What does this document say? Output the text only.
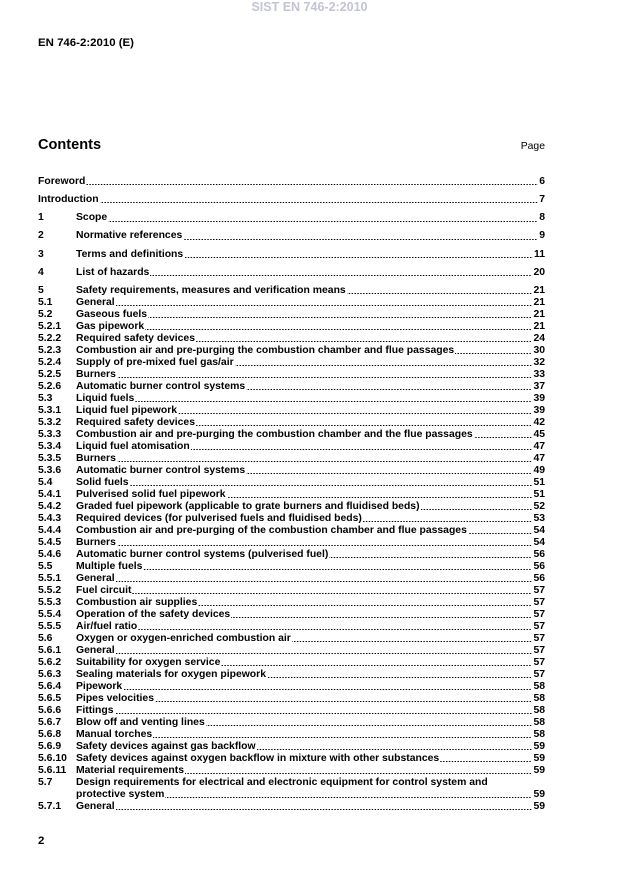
SIST EN 746-2:2010
EN 746-2:2010 (E)
Contents	Page
Foreword	6
Introduction	7
1	Scope	8
2	Normative references	9
3	Terms and definitions	11
4	List of hazards	20
5	Safety requirements, measures and verification means	21
5.1	General	21
5.2	Gaseous fuels	21
5.2.1	Gas pipework	21
5.2.2	Required safety devices	24
5.2.3	Combustion air and pre-purging the combustion chamber and flue passages	30
5.2.4	Supply of pre-mixed fuel gas/air	32
5.2.5	Burners	33
5.2.6	Automatic burner control systems	37
5.3	Liquid fuels	39
5.3.1	Liquid fuel pipework	39
5.3.2	Required safety devices	42
5.3.3	Combustion air and pre-purging the combustion chamber and the flue passages	45
5.3.4	Liquid fuel atomisation	47
5.3.5	Burners	47
5.3.6	Automatic burner control systems	49
5.4	Solid fuels	51
5.4.1	Pulverised solid fuel pipework	51
5.4.2	Graded fuel pipework (applicable to grate burners and fluidised beds)	52
5.4.3	Required devices (for pulverised fuels and fluidised beds)	53
5.4.4	Combustion air and pre-purging of the combustion chamber and flue passages	54
5.4.5	Burners	54
5.4.6	Automatic burner control systems (pulverised fuel)	56
5.5	Multiple fuels	56
5.5.1	General	56
5.5.2	Fuel circuit	57
5.5.3	Combustion air supplies	57
5.5.4	Operation of the safety devices	57
5.5.5	Air/fuel ratio	57
5.6	Oxygen or oxygen-enriched combustion air	57
5.6.1	General	57
5.6.2	Suitability for oxygen service	57
5.6.3	Sealing materials for oxygen pipework	57
5.6.4	Pipework	58
5.6.5	Pipes velocities	58
5.6.6	Fittings	58
5.6.7	Blow off and venting lines	58
5.6.8	Manual torches	58
5.6.9	Safety devices against gas backflow	59
5.6.10 Safety devices against oxygen backflow in mixture with other substances	59
5.6.11 Material requirements	59
5.7	Design requirements for electrical and electronic equipment for control system and
protective system	59
5.7.1	General	59
2
